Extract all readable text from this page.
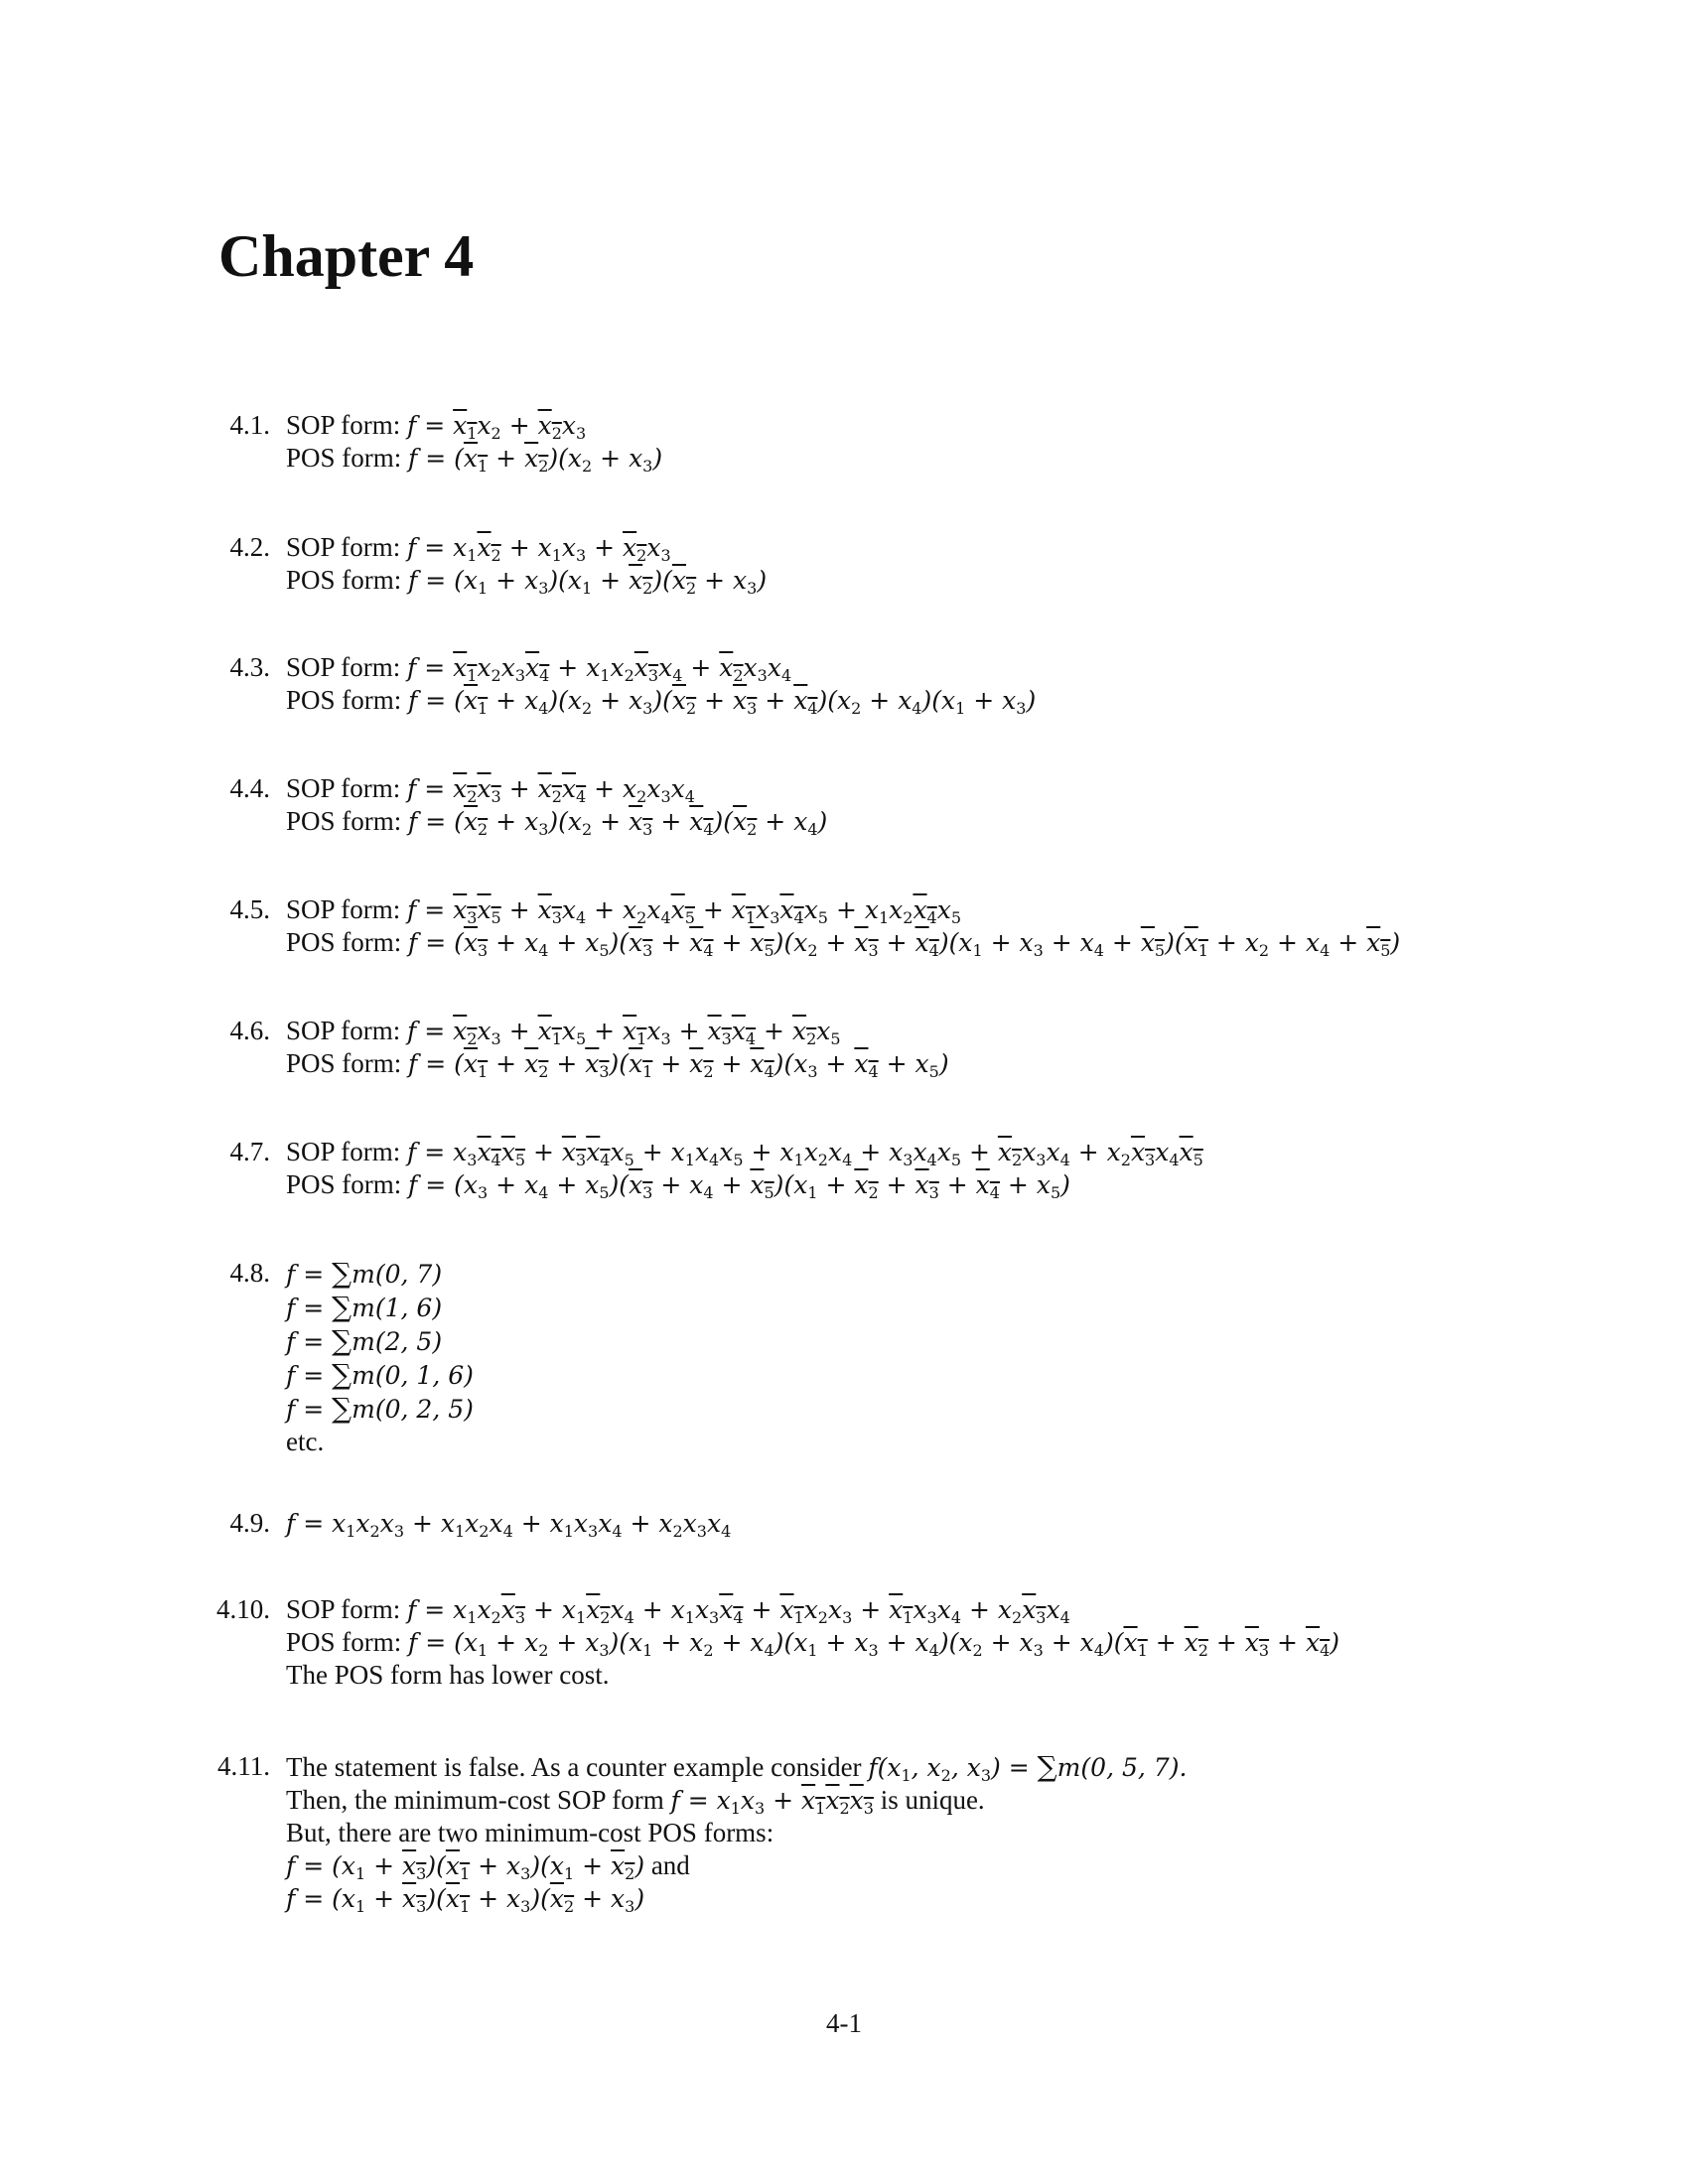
Chapter 4
4.1. SOP form: $f = x_1x_2 + x_2x_3$
POS form: $f = (x_1 + x_2)(x_2 + x_3)$
4.2. SOP form: $f = x_1x_2 + x_1x_3 + x_2x_3$
POS form: $f = (x_1 + x_3)(x_1 + x_2)(x_2 + x_3)$
4.3. SOP form: $f = x_1x_2x_3x_4 + x_1x_2x_3x_4 + x_2x_3x_4$
POS form: $f = (x_1 + x_4)(x_2 + x_3)(x_2 + x_3 + x_4)(x_2 + x_4)(x_1 + x_3)$
4.4. SOP form: $f = x_2x_3 + x_2x_4 + x_2x_3x_4$
POS form: $f = (x_2 + x_3)(x_2 + x_3 + x_4)(x_2 + x_4)$
4.5. SOP form: $f = x_3x_5 + x_3x_4 + x_2x_4x_5 + x_1x_3x_4x_5 + x_1x_2x_4x_5$
POS form: $f = (x_3 + x_4 + x_5)(x_3 + x_4 + x_5)(x_2 + x_3 + x_4)(x_1 + x_3 + x_4 + x_5)(x_1 + x_2 + x_4 + x_5)$
4.6. SOP form: $f = x_2x_3 + x_1x_5 + x_1x_3 + x_3x_4 + x_2x_5$
POS form: $f = (x_1 + x_2 + x_3)(x_1 + x_2 + x_4)(x_3 + x_4 + x_5)$
4.7. SOP form: $f = x_3x_4x_5 + x_3x_4x_5 + x_1x_4x_5 + x_1x_2x_4 + x_3x_4x_5 + x_2x_3x_4 + x_2x_3x_4x_5$
POS form: $f = (x_3 + x_4 + x_5)(x_3 + x_4 + x_5)(x_1 + x_2 + x_3 + x_4 + x_5)$
4.8. f = ∑m(0, 7)
f = ∑m(1, 6)
f = ∑m(2, 5)
f = ∑m(0, 1, 6)
f = ∑m(0, 2, 5)
etc.
4.9. $f = x_1x_2x_3 + x_1x_2x_4 + x_1x_3x_4 + x_2x_3x_4$
4.10. SOP form: $f = x_1x_2x_3 + x_1x_2x_4 + x_1x_3x_4 + x_1x_2x_3 + x_1x_3x_4 + x_2x_3x_4$
POS form: $f = (x_1 + x_2 + x_3)(x_1 + x_2 + x_4)(x_1 + x_3 + x_4)(x_2 + x_3 + x_4)(x_1 + x_2 + x_3 + x_4)$
The POS form has lower cost.
4.11. The statement is false. As a counter example consider $f(x_1$, $x_2$, $x_3) = \sum m(0$, 5, 7).
Then, the minimum-cost SOP form $f = x_1x_3 + x_1x_2x_3$ is unique.
But, there are two minimum-cost POS forms:
$f = (x_1 + x_3)(x_1 + x_3)(x_1 + x_2)$ and
$f = (x_1 + x_3)(x_1 + x_3)(x_2 + x_3)$
4-1
